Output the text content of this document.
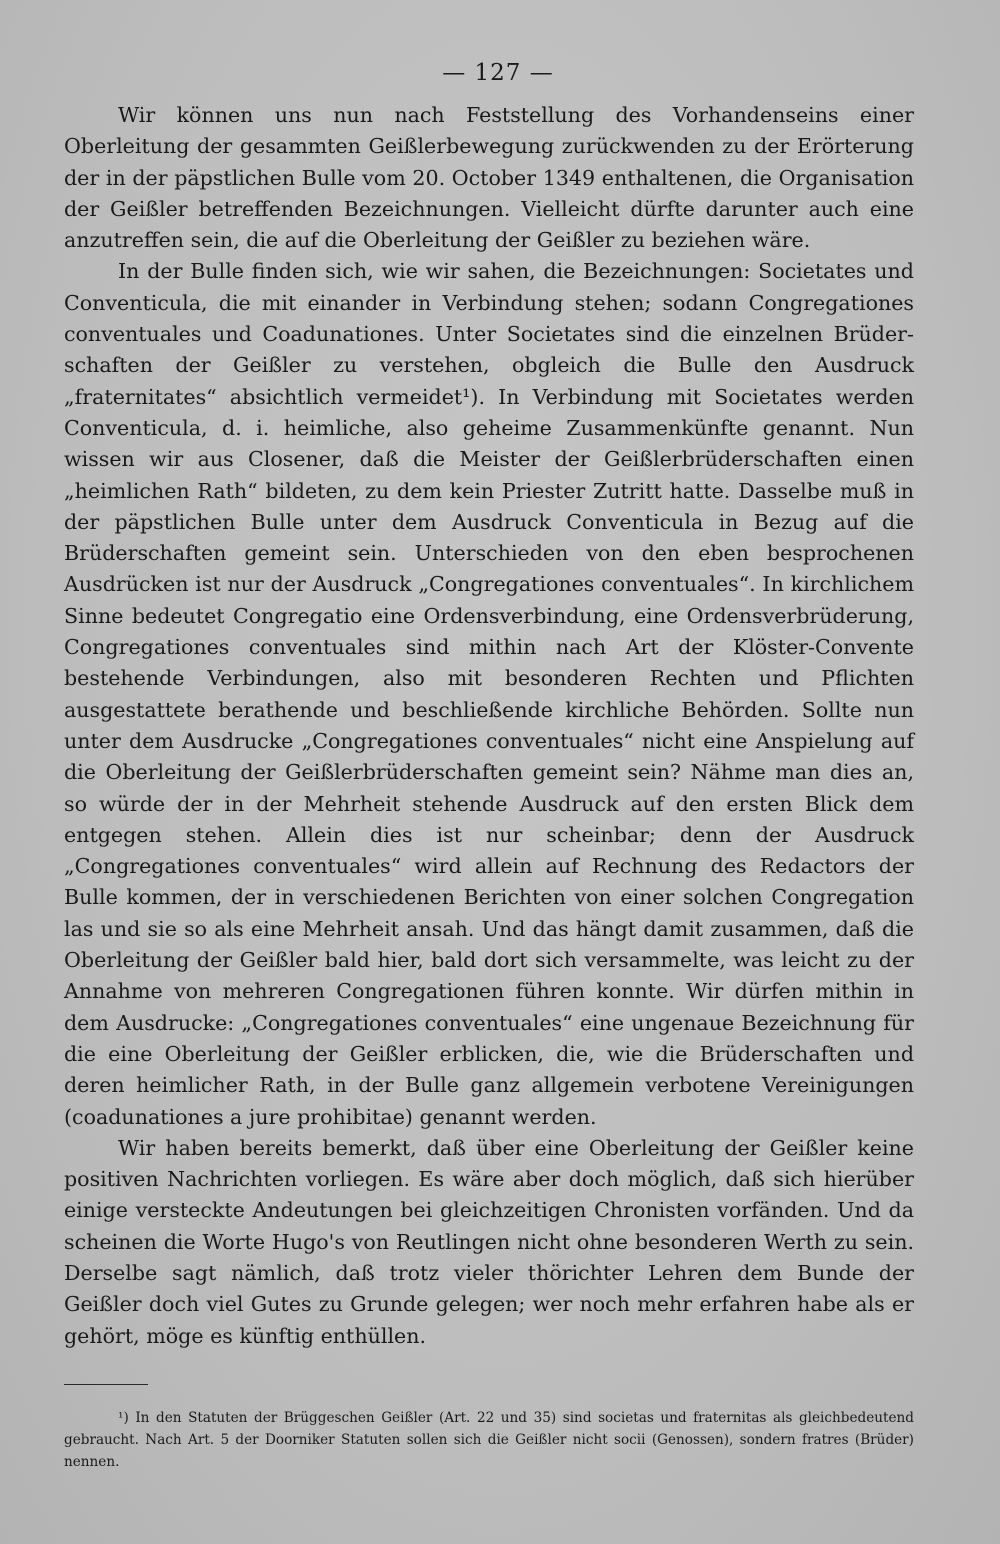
— 127 —

Wir können uns nun nach Feststellung des Vorhandenseins einer Oberleitung der gesammten Geißlerbewegung zurückwenden zu der Erörterung der in der päpstlichen Bulle vom 20. October 1349 enthaltenen, die Organisation der Geißler betreffenden Bezeichnungen. Vielleicht dürfte darunter auch eine anzutreffen sein, die auf die Oberleitung der Geißler zu beziehen wäre.

In der Bulle finden sich, wie wir sahen, die Bezeichnungen: Societates und Conventicula, die mit einander in Verbindung stehen; sodann Congregationes conventuales und Coadunationes. Unter Societates sind die einzelnen Brüderschaften der Geißler zu verstehen, obgleich die Bulle den Ausdruck „fraternitates“ absichtlich vermeidet¹). In Verbindung mit Societates werden Conventicula, d. i. heimliche, also geheime Zusammenkünfte genannt. Nun wissen wir aus Closener, daß die Meister der Geißlerbrüderschaften einen „heimlichen Rath“ bildeten, zu dem kein Priester Zutritt hatte. Dasselbe muß in der päpstlichen Bulle unter dem Ausdruck Conventicula in Bezug auf die Brüderschaften gemeint sein. Unterschieden von den eben besprochenen Ausdrücken ist nur der Ausdruck „Congregationes conventuales“. In kirchlichem Sinne bedeutet Congregatio eine Ordensverbindung, eine Ordensverbrüderung, Congregationes conventuales sind mithin nach Art der Klöster-Convente bestehende Verbindungen, also mit besonderen Rechten und Pflichten ausgestattete berathende und beschließende kirchliche Behörden. Sollte nun unter dem Ausdrucke „Congregationes conventuales“ nicht eine Anspielung auf die Oberleitung der Geißlerbrüderschaften gemeint sein? Nähme man dies an, so würde der in der Mehrheit stehende Ausdruck auf den ersten Blick dem entgegen stehen. Allein dies ist nur scheinbar; denn der Ausdruck „Congregationes conventuales“ wird allein auf Rechnung des Redactors der Bulle kommen, der in verschiedenen Berichten von einer solchen Congregation las und sie so als eine Mehrheit ansah. Und das hängt damit zusammen, daß die Oberleitung der Geißler bald hier, bald dort sich versammelte, was leicht zu der Annahme von mehreren Congregationen führen konnte. Wir dürfen mithin in dem Ausdrucke: „Congregationes conventuales“ eine ungenaue Bezeichnung für die eine Oberleitung der Geißler erblicken, die, wie die Brüderschaften und deren heimlicher Rath, in der Bulle ganz allgemein verbotene Vereinigungen (coadunationes a jure prohibitae) genannt werden.

Wir haben bereits bemerkt, daß über eine Oberleitung der Geißler keine positiven Nachrichten vorliegen. Es wäre aber doch möglich, daß sich hierüber einige versteckte Andeutungen bei gleichzeitigen Chronisten vorfänden. Und da scheinen die Worte Hugo's von Reutlingen nicht ohne besonderen Werth zu sein. Derselbe sagt nämlich, daß trotz vieler thörichter Lehren dem Bunde der Geißler doch viel Gutes zu Grunde gelegen; wer noch mehr erfahren habe als er gehört, möge es künftig enthüllen.

¹) In den Statuten der Brüggeschen Geißler (Art. 22 und 35) sind societas und fraternitas als gleichbedeutend gebraucht. Nach Art. 5 der Doorniker Statuten sollen sich die Geißler nicht socii (Genossen), sondern fratres (Brüder) nennen.
